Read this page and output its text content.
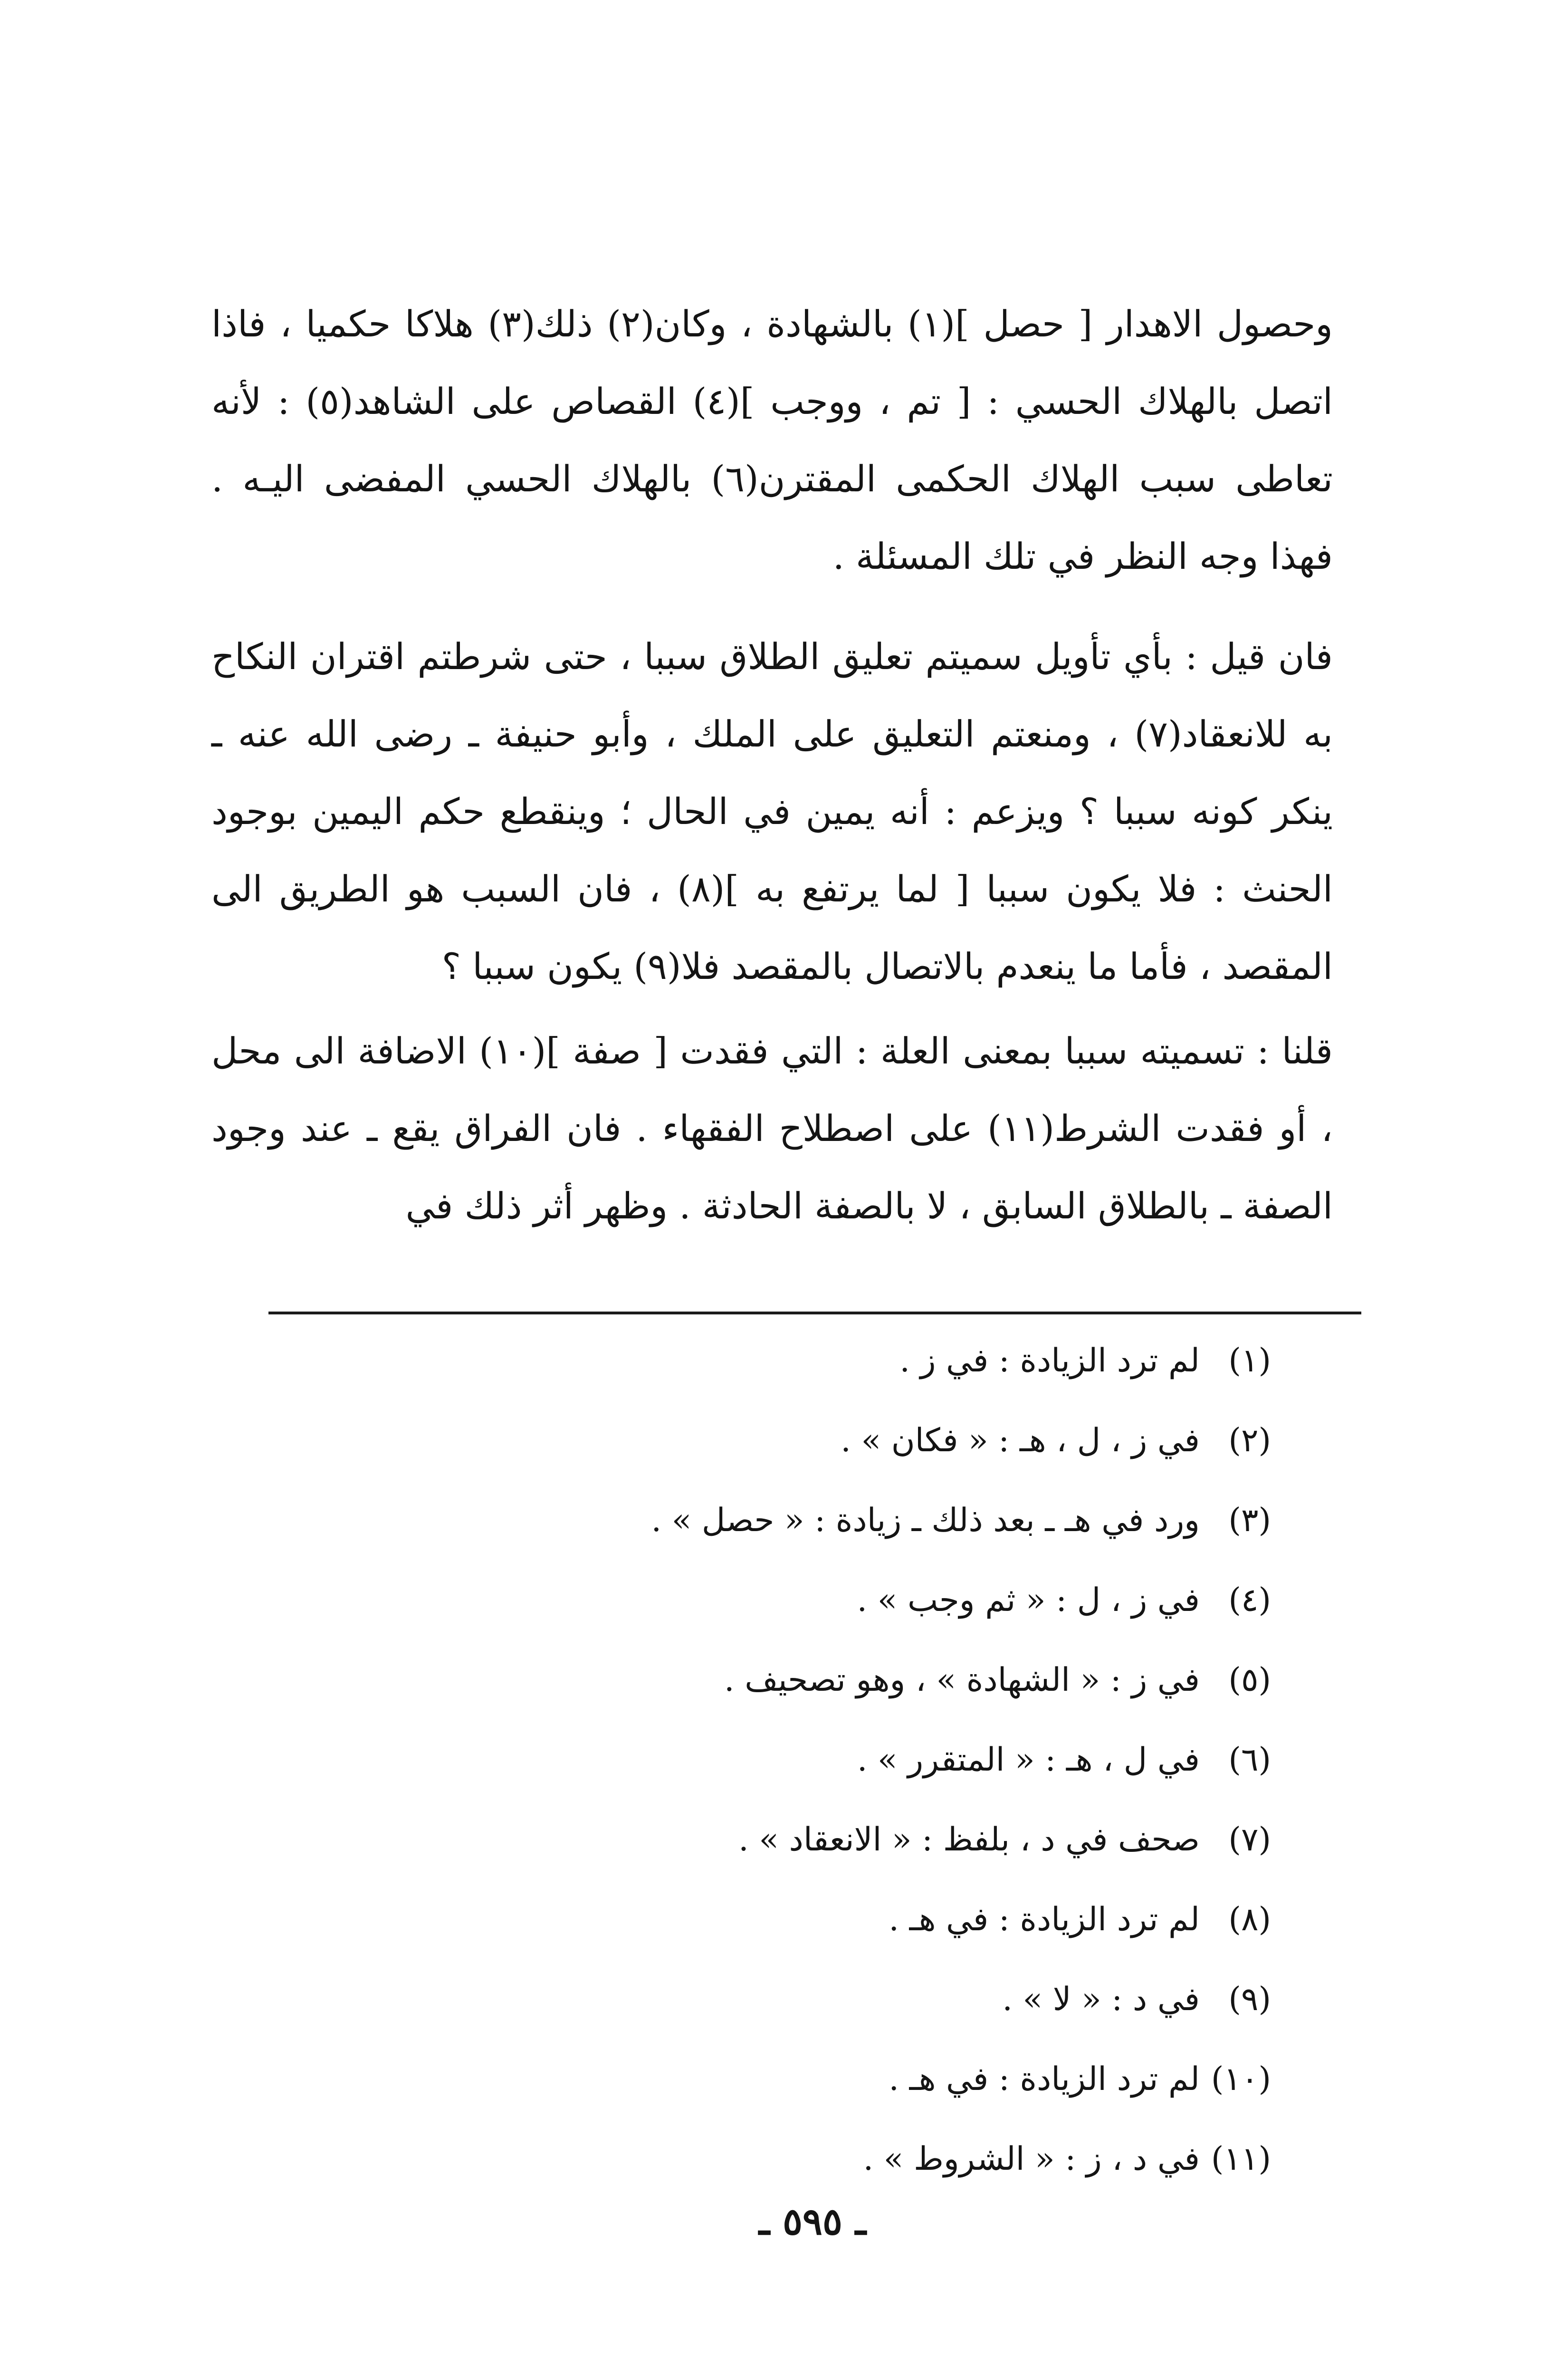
وحصول الاهدار [ حصل ](١) بالشهادة ، وكان(٢) ذلك(٣) هلاكا حكميا ، فاذا اتصل بالهلاك الحسي : [ تم ، ووجب ](٤) القصاص على الشاهد(٥) : لأنه تعاطى سبب الهلاك الحكمى المقترن(٦) بالهلاك الحسي المفضى اليـه . فهذا وجه النظر في تلك المسئلة .

فان قيل : بأي تأويل سميتم تعليق الطلاق سببا ، حتى شرطتم اقتران النكاح به للانعقاد(٧) ، ومنعتم التعليق على الملك ، وأبو حنيفة ـ رضى الله عنه ـ ينكر كونه سببا ؟ ويزعم : أنه يمين في الحال ؛ وينقطع حكم اليمين بوجود الحنث : فلا يكون سببا [ لما يرتفع به ](٨) ، فان السبب هو الطريق الى المقصد ، فأما ما ينعدم بالاتصال بالمقصد فلا(٩) يكون سببا ؟

قلنا : تسميته سببا بمعنى العلة : التي فقدت [ صفة ](١٠) الاضافة الى محل ، أو فقدت الشرط(١١) على اصطلاح الفقهاء . فان الفراق يقع ـ عند وجود الصفة ـ بالطلاق السابق ، لا بالصفة الحادثة . وظهر أثر ذلك في

(١)لم ترد الزيادة : في ز .
(٢)في ز ، ل ، هـ : « فكان » .
(٣)ورد في هـ ـ بعد ذلك ـ زيادة : « حصل » .
(٤)في ز ، ل : « ثم وجب » .
(٥)في ز : « الشهادة » ، وهو تصحيف .
(٦)في ل ، هـ : « المتقرر » .
(٧)صحف في د ، بلفظ : « الانعقاد » .
(٨)لم ترد الزيادة : في هـ .
(٩)في د : « لا » .
(١٠)لم ترد الزيادة : في هـ .
(١١)في د ، ز : « الشروط » .
ـ ٥٩٥ ـ
